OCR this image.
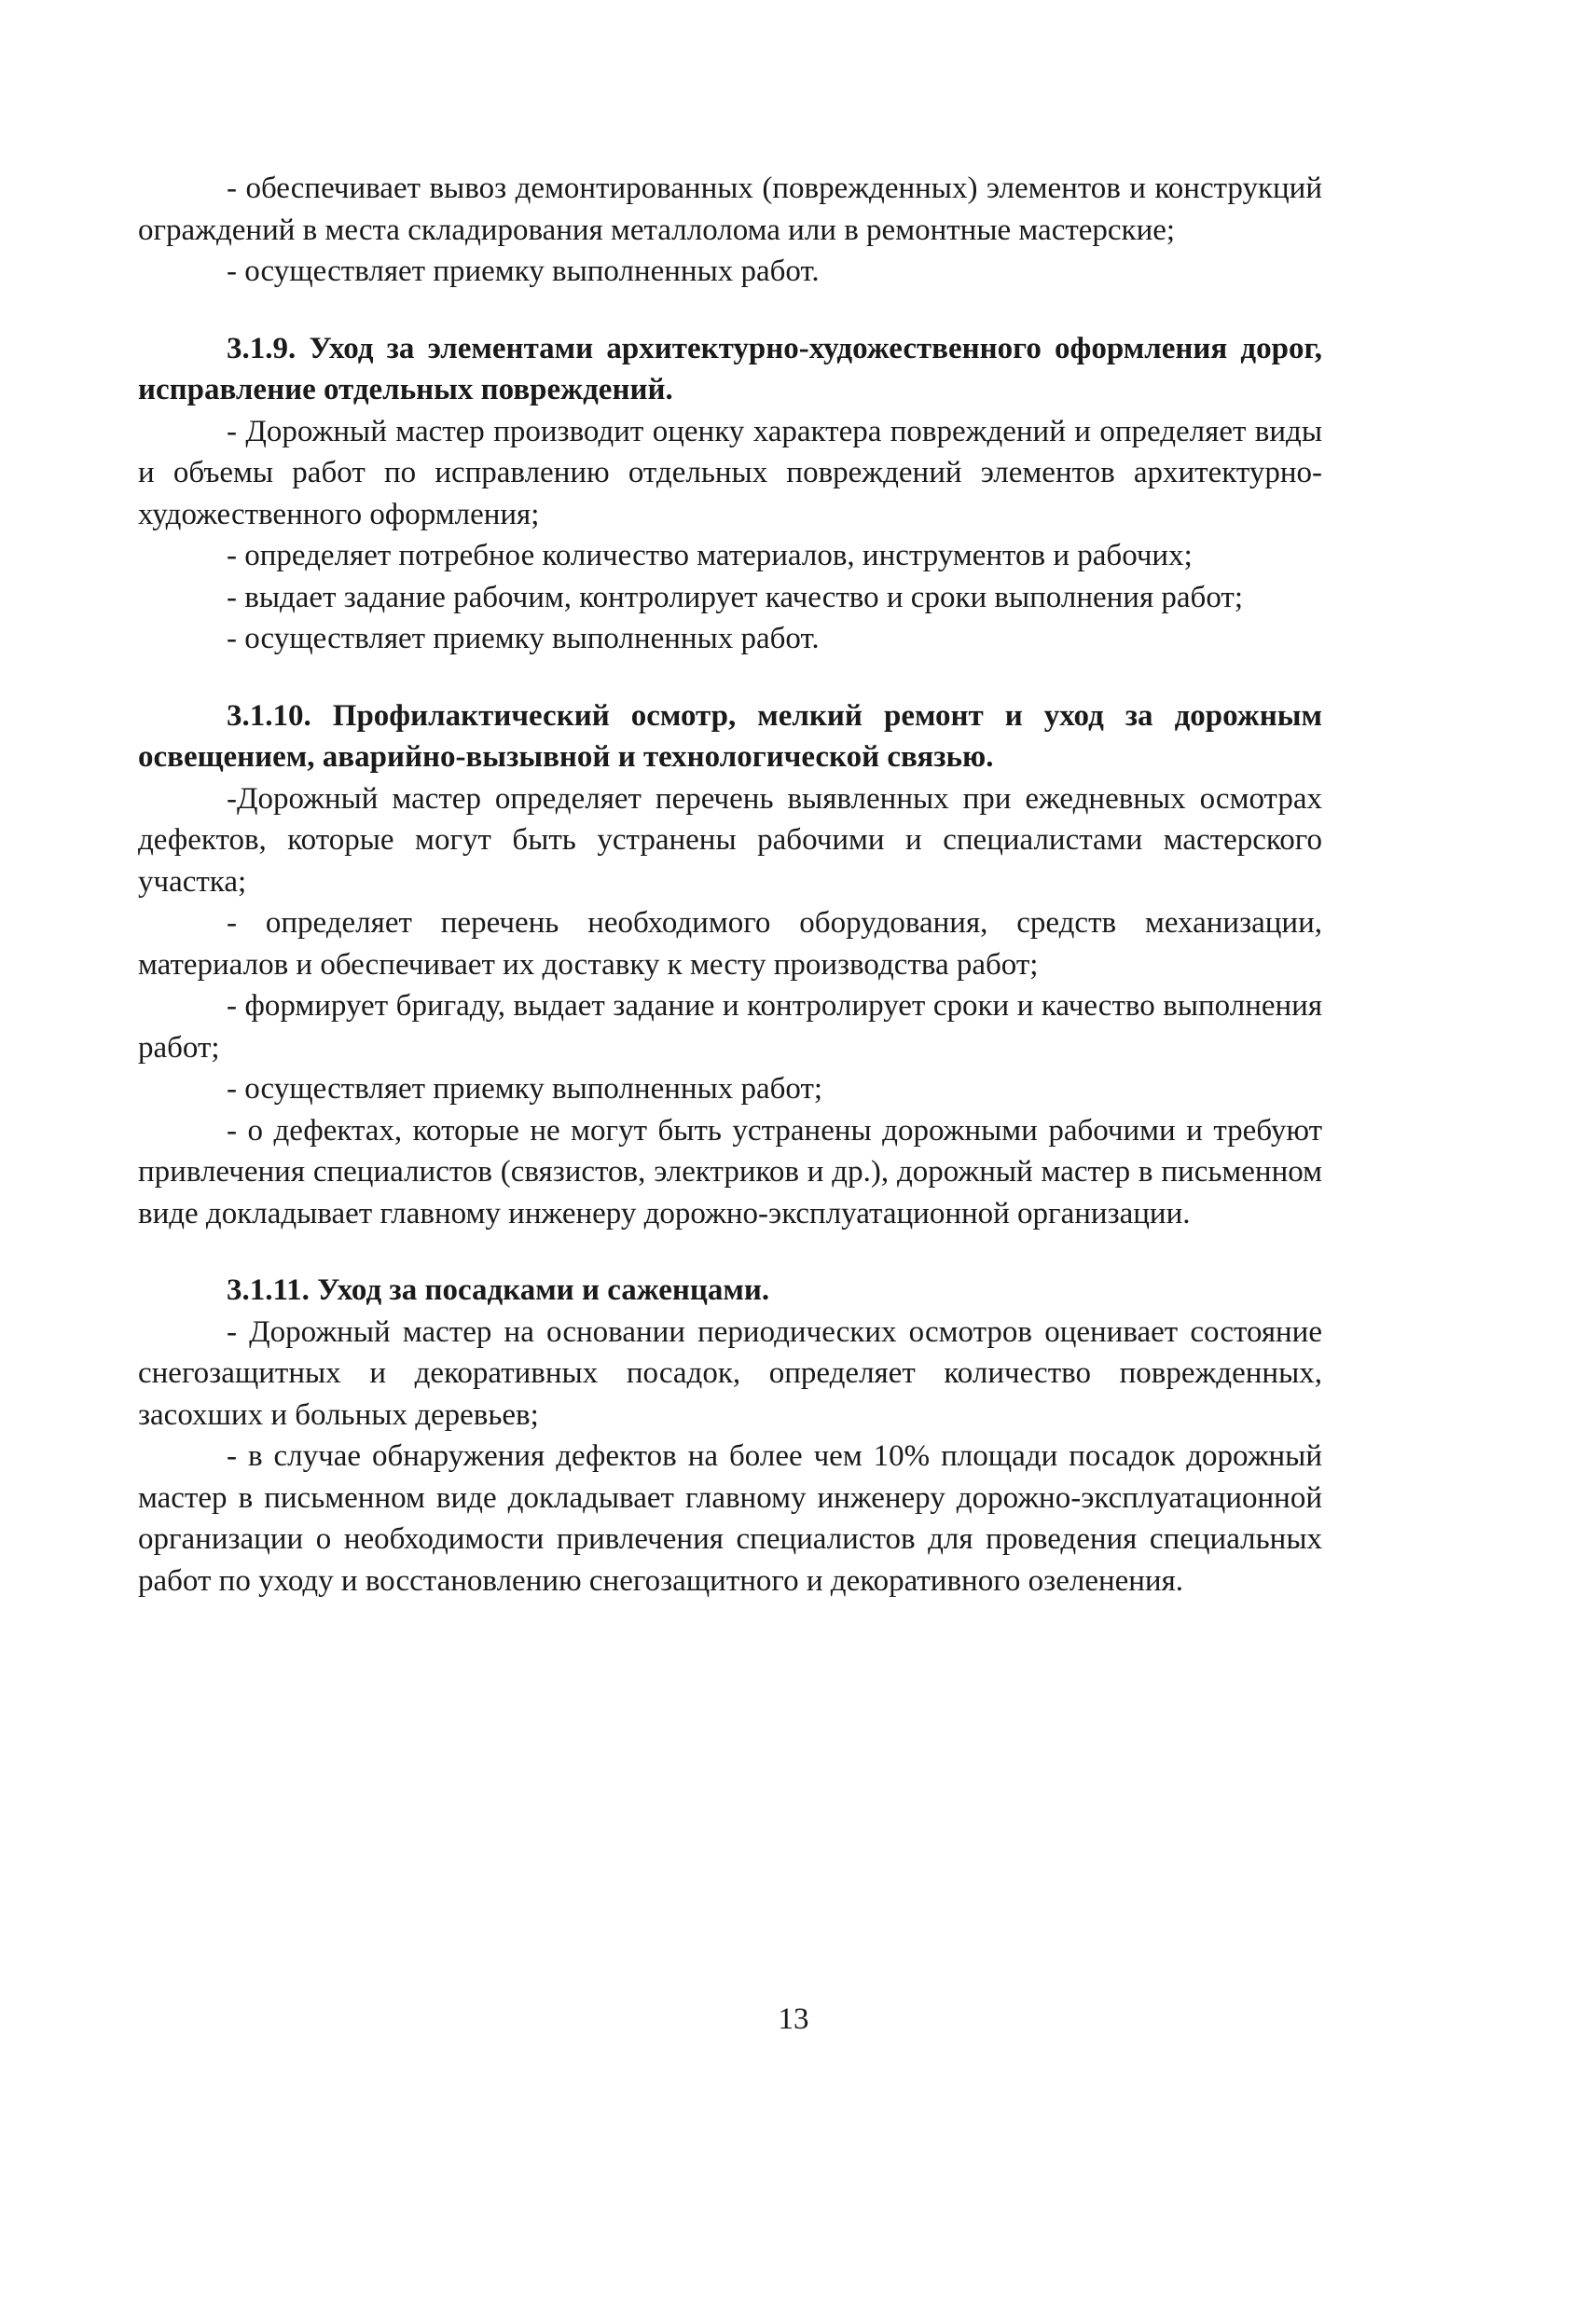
- обеспечивает вывоз демонтированных (поврежденных) элементов и конструкций ограждений в места складирования металлолома или в ремонтные мастерские;

- осуществляет приемку выполненных работ.

3.1.9. Уход за элементами архитектурно-художественного оформления дорог, исправление отдельных повреждений.

- Дорожный мастер производит оценку характера повреждений и определяет виды и объемы работ по исправлению отдельных повреждений элементов архитектурно-художественного оформления;

- определяет потребное количество материалов, инструментов и рабочих;

- выдает задание рабочим, контролирует качество и сроки выполнения работ;

- осуществляет приемку выполненных работ.

3.1.10. Профилактический осмотр, мелкий ремонт и уход за дорожным освещением, аварийно-вызывной и технологической связью.

-Дорожный мастер определяет перечень выявленных при ежедневных осмотрах дефектов, которые могут быть устранены рабочими и специалистами мастерского участка;

- определяет перечень необходимого оборудования, средств механизации, материалов и обеспечивает их доставку к месту производства работ;

- формирует бригаду, выдает задание и контролирует сроки и качество выполнения работ;

- осуществляет приемку выполненных работ;

- о дефектах, которые не могут быть устранены дорожными рабочими и требуют привлечения специалистов (связистов, электриков и др.), дорожный мастер в письменном виде докладывает главному инженеру дорожно-эксплуатационной организации.

3.1.11. Уход за посадками и саженцами.

- Дорожный мастер на основании периодических осмотров оценивает состояние снегозащитных и декоративных посадок, определяет количество поврежденных, засохших и больных деревьев;

- в случае обнаружения дефектов на более чем 10% площади посадок дорожный мастер в письменном виде докладывает главному инженеру дорожно-эксплуатационной организации о необходимости привлечения специалистов для проведения специальных работ по уходу и восстановлению снегозащитного и декоративного озеленения.

13
